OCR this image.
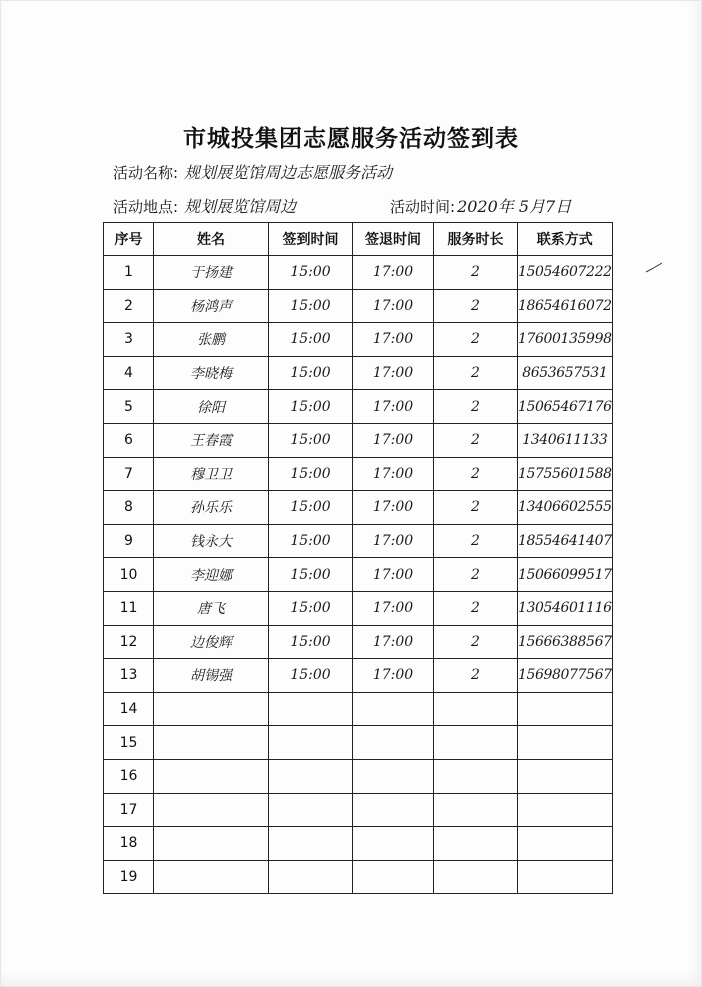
市城投集团志愿服务活动签到表
活动名称: 规划展览馆周边志愿服务活动
活动地点: 规划展览馆周边	活动时间: 2020年 5月7日
序号	姓名	签到时间	签退时间	服务时长	联系方式
1	于扬建	15:00	17:00	2	15054607222
2	杨鸿声	15:00	17:00	2	18654616072
3	张鹏	15:00	17:00	2	17600135998
4	李晓梅	15:00	17:00	2	8653657531
5	徐阳	15:00	17:00	2	15065467176
6	王春霞	15:00	17:00	2	1340611133
7	穆卫卫	15:00	17:00	2	15755601588
8	孙乐乐	15:00	17:00	2	13406602555
9	钱永大	15:00	17:00	2	18554641407
10	李迎娜	15:00	17:00	2	15066099517
11	唐飞	15:00	17:00	2	13054601116
12	边俊辉	15:00	17:00	2	15666388567
13	胡锡强	15:00	17:00	2	15698077567
14					
15					
16					
17					
18					
19					
